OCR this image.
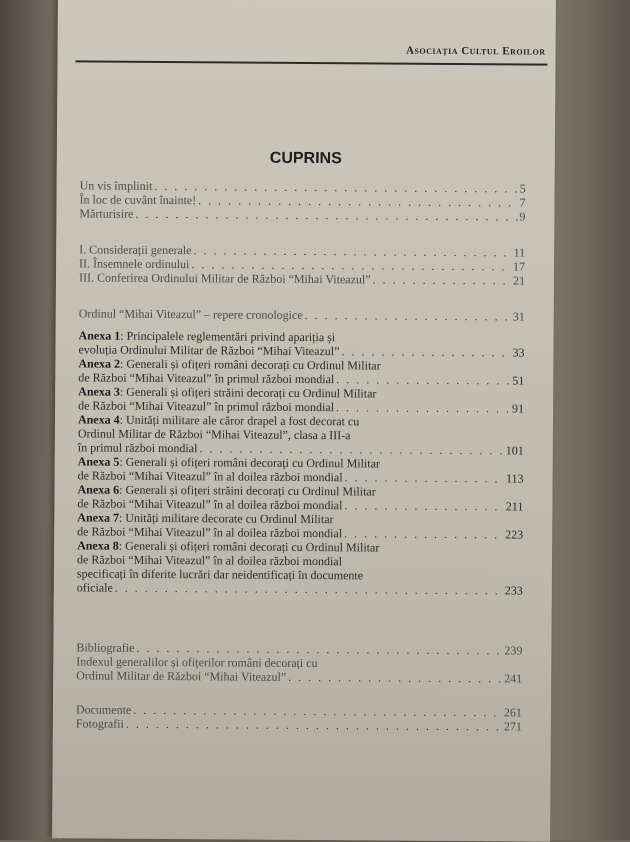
Asociația Cultul Eroilor
CUPRINS
Un vis împlinit . . .	5
În loc de cuvânt înainte! . . .	7
Mărturisire . . .	9
I. Considerații generale . . .	11
II. Însemnele ordinului . . .	17
III. Conferirea Ordinului Militar de Război “Mihai Viteazul” . . .	21
Ordinul “Mihai Viteazul” – repere cronologice . . .	31
Anexa 1: Principalele reglementări privind apariția și
evoluția Ordinului Militar de Război “Mihai Viteazul” . . .	33
Anexa 2: Generali și ofițeri români decorați cu Ordinul Militar
de Război “Mihai Viteazul” în primul război mondial . . .	51
Anexa 3: Generali și ofițeri străini decorați cu Ordinul Militar
de Război “Mihai Viteazul” în primul război mondial . . .	91
Anexa 4: Unități militare ale căror drapel a fost decorat cu
Ordinul Militar de Război “Mihai Viteazul”, clasa a III-a
în primul război mondial . . .	101
Anexa 5: Generali și ofițeri români decorați cu Ordinul Militar
de Război “Mihai Viteazul” în al doilea război mondial . . .	113
Anexa 6: Generali și ofițeri străini decorați cu Ordinul Militar
de Război “Mihai Viteazul” în al doilea război mondial . . .	211
Anexa 7: Unități militare decorate cu Ordinul Militar
de Război “Mihai Viteazul” în al doilea război mondial . . .	223
Anexa 8: Generali și ofițeri români decorați cu Ordinul Militar
de Război “Mihai Viteazul” în al doilea război mondial
specificați în diferite lucrări dar neidentificați în documente
oficiale . . .	233
Bibliografie . . .	239
Indexul generalilor și ofițerilor români decorați cu
Ordinul Militar de Război “Mihai Viteazul” . . .	241
Documente . . .	261
Fotografii . . .	271
